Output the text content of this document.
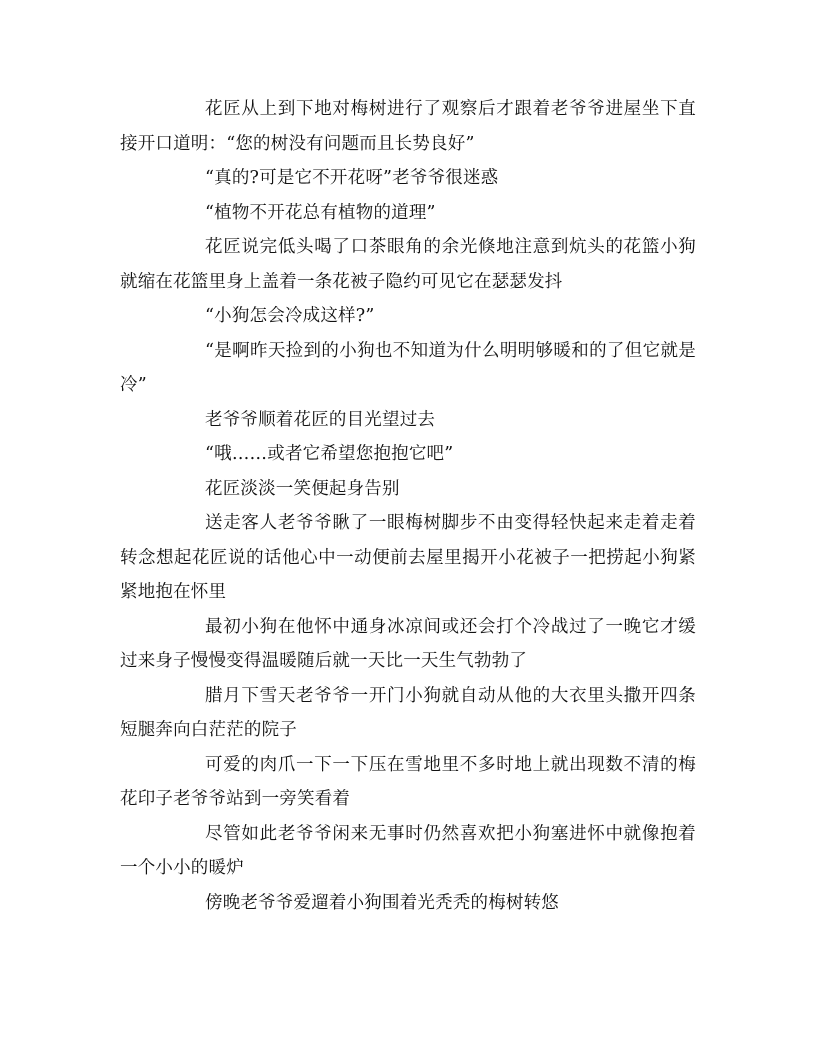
花匠从上到下地对梅树进行了观察后才跟着老爷爷进屋坐下直接开口道明：“您的树没有问题而且长势良好”

“真的?可是它不开花呀”老爷爷很迷惑

“植物不开花总有植物的道理”

花匠说完低头喝了口茶眼角的余光倏地注意到炕头的花篮小狗就缩在花篮里身上盖着一条花被子隐约可见它在瑟瑟发抖

“小狗怎会冷成这样?”

“是啊昨天捡到的小狗也不知道为什么明明够暖和的了但它就是冷”

老爷爷顺着花匠的目光望过去

“哦……或者它希望您抱抱它吧”

花匠淡淡一笑便起身告别

送走客人老爷爷瞅了一眼梅树脚步不由变得轻快起来走着走着转念想起花匠说的话他心中一动便前去屋里揭开小花被子一把捞起小狗紧紧地抱在怀里

最初小狗在他怀中通身冰凉间或还会打个冷战过了一晚它才缓过来身子慢慢变得温暖随后就一天比一天生气勃勃了

腊月下雪天老爷爷一开门小狗就自动从他的大衣里头撒开四条短腿奔向白茫茫的院子

可爱的肉爪一下一下压在雪地里不多时地上就出现数不清的梅花印子老爷爷站到一旁笑看着

尽管如此老爷爷闲来无事时仍然喜欢把小狗塞进怀中就像抱着一个小小的暖炉

傍晚老爷爷爱遛着小狗围着光秃秃的梅树转悠
